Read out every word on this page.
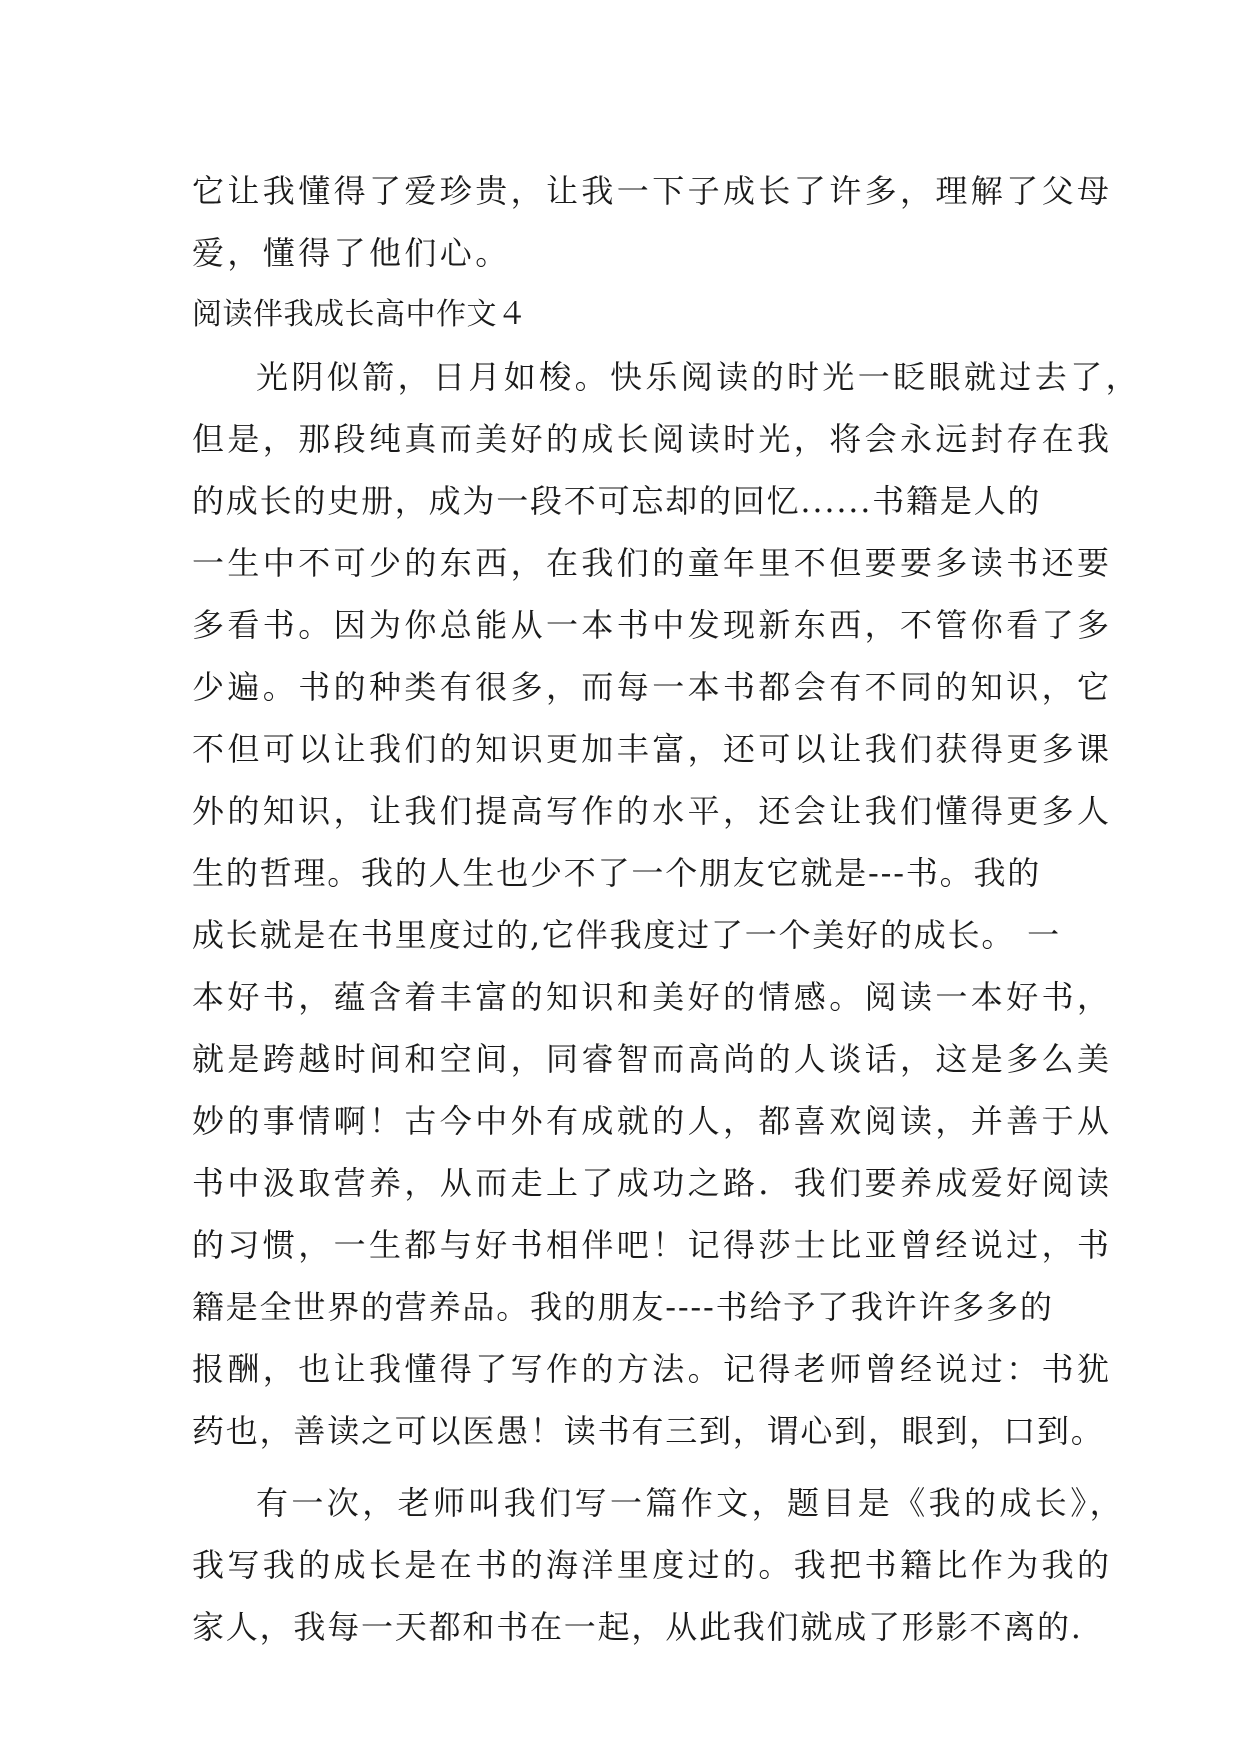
它让我懂得了爱珍贵，让我一下子成长了许多，理解了父母
爱，懂得了他们心。
阅读伴我成长高中作文４
光阴似箭，日月如梭。快乐阅读的时光一眨眼就过去了，
但是，那段纯真而美好的成长阅读时光，将会永远封存在我
的成长的史册，成为一段不可忘却的回忆......书籍是人的
一生中不可少的东西，在我们的童年里不但要要多读书还要
多看书。因为你总能从一本书中发现新东西，不管你看了多
少遍。书的种类有很多，而每一本书都会有不同的知识，它
不但可以让我们的知识更加丰富，还可以让我们获得更多课
外的知识，让我们提高写作的水平，还会让我们懂得更多人
生的哲理。我的人生也少不了一个朋友它就是---书。我的
成长就是在书里度过的,它伴我度过了一个美好的成长。 一
本好书，蕴含着丰富的知识和美好的情感。阅读一本好书，
就是跨越时间和空间，同睿智而高尚的人谈话，这是多么美
妙的事情啊！古今中外有成就的人，都喜欢阅读，并善于从
书中汲取营养，从而走上了成功之路．我们要养成爱好阅读
的习惯，一生都与好书相伴吧！记得莎士比亚曾经说过，书
籍是全世界的营养品。我的朋友----书给予了我许许多多的
报酬，也让我懂得了写作的方法。记得老师曾经说过：书犹
药也，善读之可以医愚！读书有三到，谓心到，眼到，口到。
有一次，老师叫我们写一篇作文，题目是《我的成长》，
我写我的成长是在书的海洋里度过的。我把书籍比作为我的
家人，我每一天都和书在一起，从此我们就成了形影不离的.
